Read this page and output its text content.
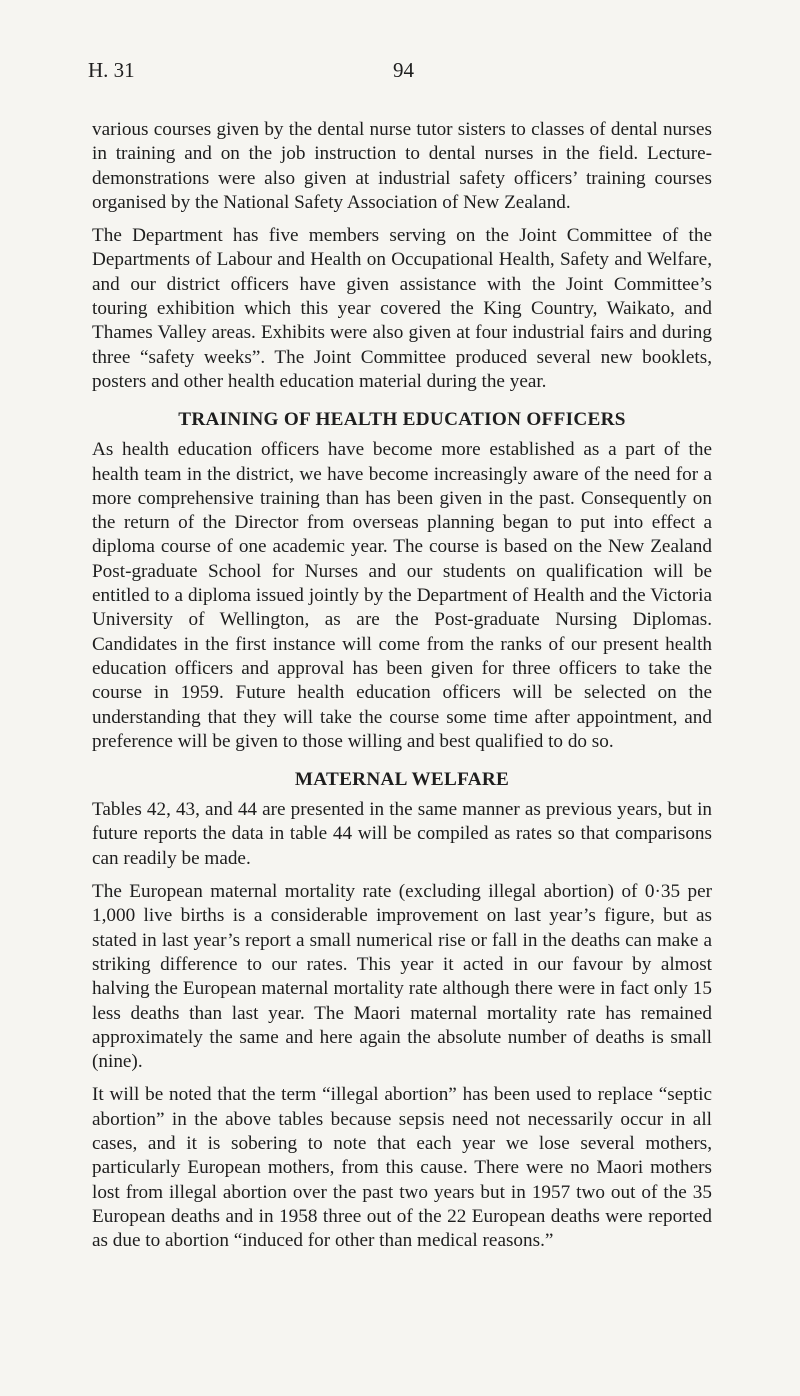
H. 31	94

various courses given by the dental nurse tutor sisters to classes of dental nurses in training and on the job instruction to dental nurses in the field. Lecture-demonstrations were also given at industrial safety officers’ training courses organised by the National Safety Association of New Zealand.

The Department has five members serving on the Joint Committee of the Departments of Labour and Health on Occupational Health, Safety and Welfare, and our district officers have given assistance with the Joint Committee’s touring exhibition which this year covered the King Country, Waikato, and Thames Valley areas. Exhibits were also given at four industrial fairs and during three “safety weeks”. The Joint Committee produced several new booklets, posters and other health education material during the year.

TRAINING OF HEALTH EDUCATION OFFICERS

As health education officers have become more established as a part of the health team in the district, we have become increasingly aware of the need for a more comprehensive training than has been given in the past. Consequently on the return of the Director from overseas planning began to put into effect a diploma course of one academic year. The course is based on the New Zealand Post-graduate School for Nurses and our students on qualification will be entitled to a diploma issued jointly by the Department of Health and the Victoria University of Wellington, as are the Post-graduate Nursing Diplomas. Candidates in the first instance will come from the ranks of our present health education officers and approval has been given for three officers to take the course in 1959. Future health education officers will be selected on the understanding that they will take the course some time after appointment, and preference will be given to those willing and best qualified to do so.

MATERNAL WELFARE

Tables 42, 43, and 44 are presented in the same manner as previous years, but in future reports the data in table 44 will be compiled as rates so that comparisons can readily be made.

The European maternal mortality rate (excluding illegal abortion) of 0·35 per 1,000 live births is a considerable improvement on last year’s figure, but as stated in last year’s report a small numerical rise or fall in the deaths can make a striking difference to our rates. This year it acted in our favour by almost halving the European maternal mortality rate although there were in fact only 15 less deaths than last year. The Maori maternal mortality rate has remained approximately the same and here again the absolute number of deaths is small (nine).

It will be noted that the term “illegal abortion” has been used to replace “septic abortion” in the above tables because sepsis need not necessarily occur in all cases, and it is sobering to note that each year we lose several mothers, particularly European mothers, from this cause. There were no Maori mothers lost from illegal abortion over the past two years but in 1957 two out of the 35 European deaths and in 1958 three out of the 22 European deaths were reported as due to abortion “induced for other than medical reasons.”
